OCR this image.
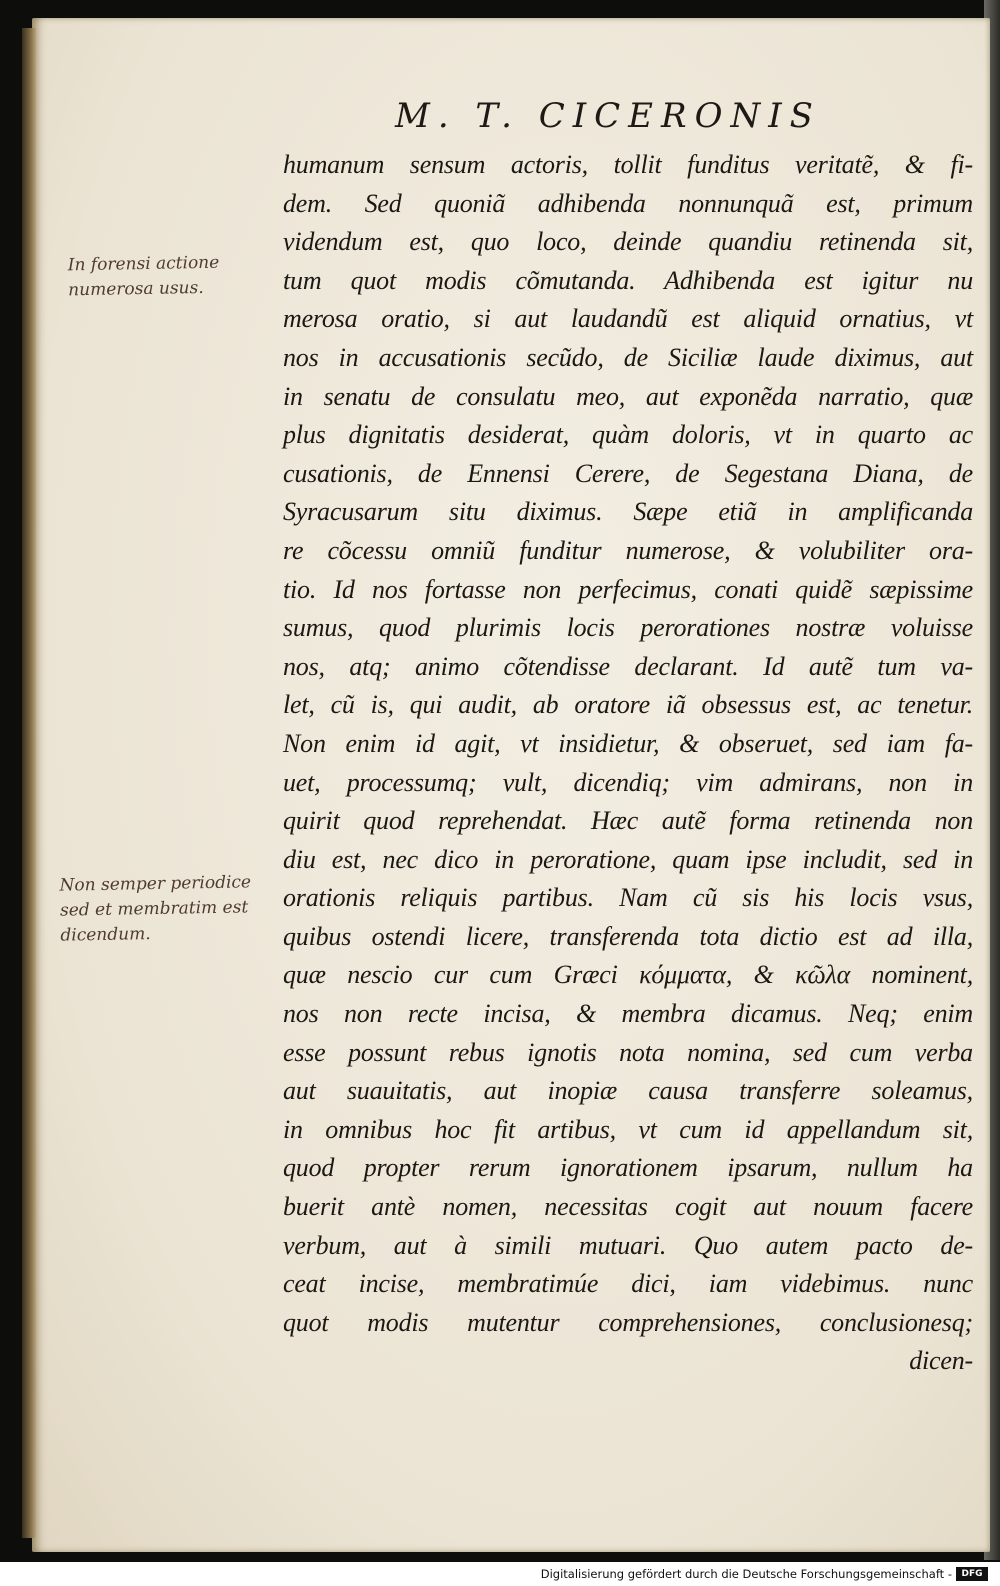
M. T. CICERONIS
humanum sensum actoris, tollit funditus veritatẽ, & fi-
dem. Sed quoniã adhibenda nonnunquã est, primum
videndum est, quo loco, deinde quandiu retinenda sit,
tum quot modis cõmutanda. Adhibenda est igitur nu
merosa oratio, si aut laudandũ est aliquid ornatius, vt
nos in accusationis secũdo, de Siciliæ laude diximus, aut
in senatu de consulatu meo, aut exponẽda narratio, quæ
plus dignitatis desiderat, quàm doloris, vt in quarto ac
cusationis, de Ennensi Cerere, de Segestana Diana, de
Syracusarum situ diximus. Sæpe etiã in amplificanda
re cõcessu omniũ funditur numerose, & volubiliter ora-
tio. Id nos fortasse non perfecimus, conati quidẽ sæpissime
sumus, quod plurimis locis perorationes nostræ voluisse
nos, atq; animo cõtendisse declarant. Id autẽ tum va-
let, cũ is, qui audit, ab oratore iã obsessus est, ac tenetur.
Non enim id agit, vt insidietur, & obseruet, sed iam fa-
uet, processumq; vult, dicendiq; vim admirans, non in
quirit quod reprehendat. Hæc autẽ forma retinenda non
diu est, nec dico in peroratione, quam ipse includit, sed in
orationis reliquis partibus. Nam cũ sis his locis vsus,
quibus ostendi licere, transferenda tota dictio est ad illa,
quæ nescio cur cum Græci κόμματα, & κῶλα nominent,
nos non recte incisa, & membra dicamus. Neq; enim
esse possunt rebus ignotis nota nomina, sed cum verba
aut suauitatis, aut inopiæ causa transferre soleamus,
in omnibus hoc fit artibus, vt cum id appellandum sit,
quod propter rerum ignorationem ipsarum, nullum ha
buerit antè nomen, necessitas cogit aut nouum facere
verbum, aut à simili mutuari. Quo autem pacto de-
ceat incise, membratimúe dici, iam videbimus. nunc
quot modis mutentur comprehensiones, conclusionesq;
dicen-
In forensi actione
numerosa usus.
Non semper periodice
sed et membratim est
dicendum.
Digitalisierung gefördert durch die Deutsche Forschungsgemeinschaft -	DFG
